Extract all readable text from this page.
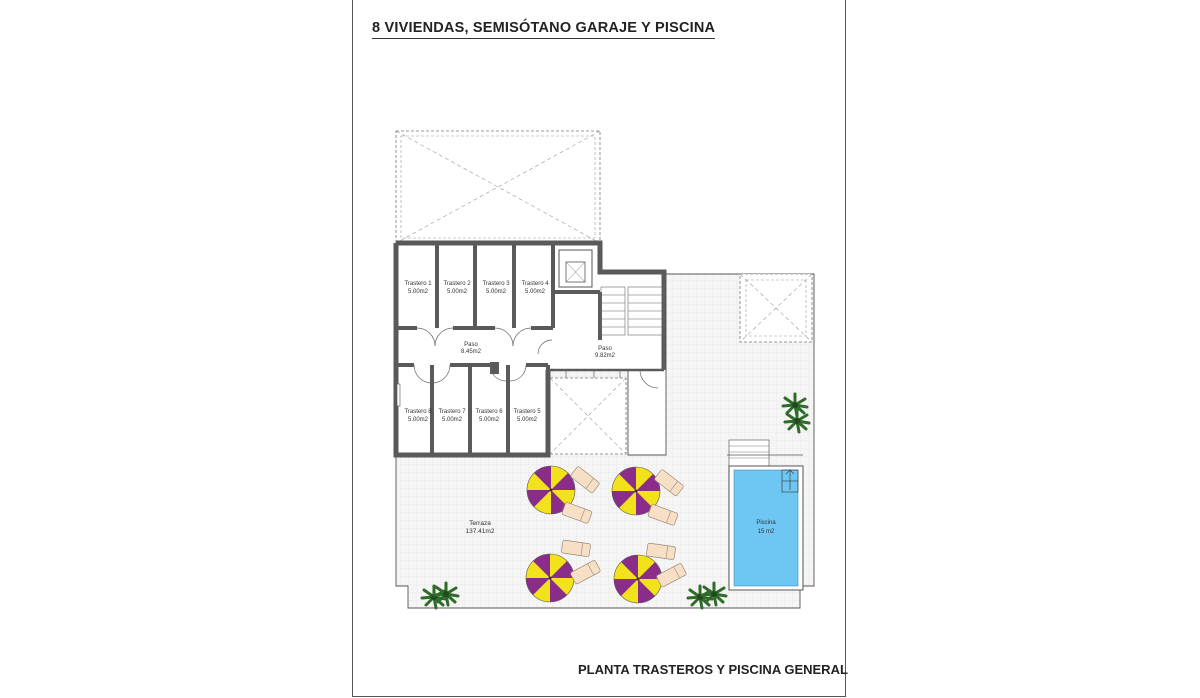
8 VIVIENDAS, SEMISÓTANO GARAJE Y PISCINA
Trastero 1
5.00m2
Trastero 2
5.00m2
Trastero 3
5.00m2
Trastero 4
5.00m2
Paso
8.45m2	Paso
9.82m2
Trastero 8
5.00m2
Trastero 7
5.00m2
Trastero 6
5.00m2
Trastero 5
5.00m2
Terraza
137.41m2
Piscina
15 m2
PLANTA TRASTEROS Y PISCINA GENERAL
